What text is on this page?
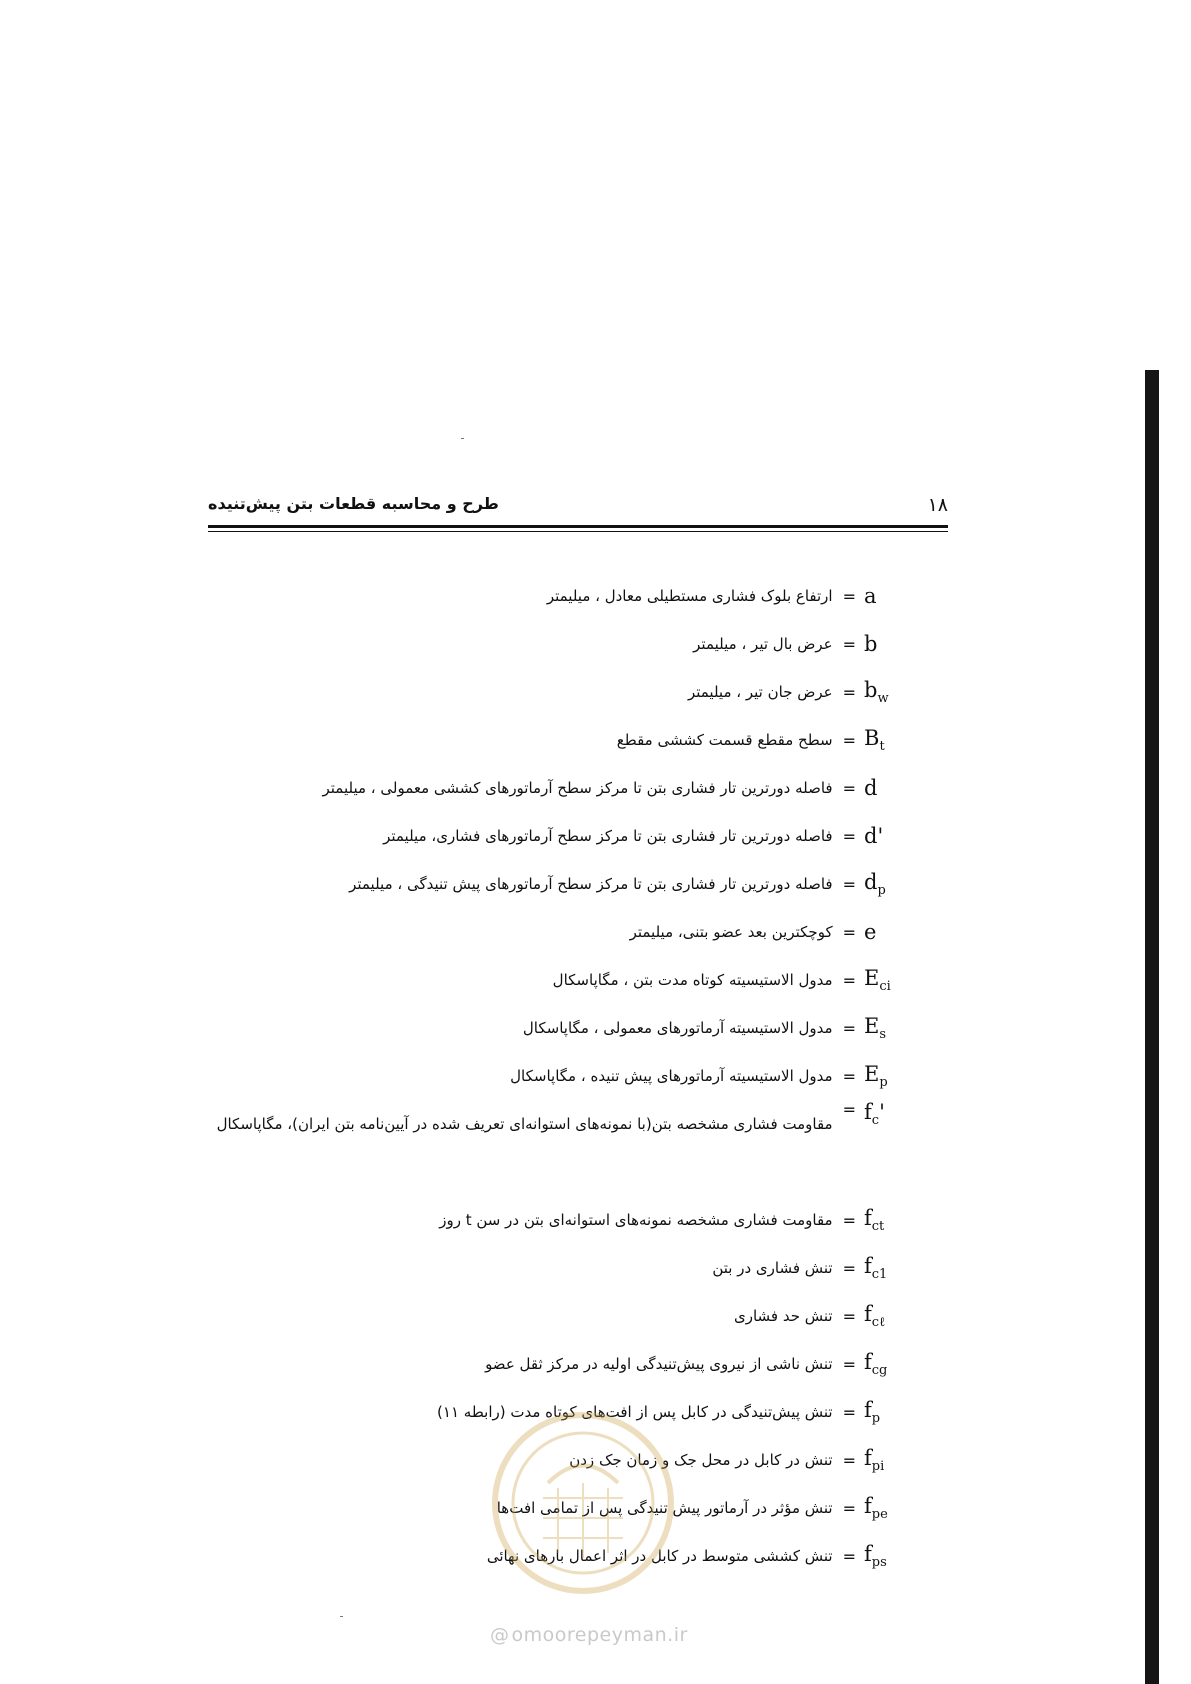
طرح و محاسبه قطعات بتن پیش‌تنیده	۱۸
ارتفاع بلوک فشاری مستطیلی معادل ، میلیمتر = a
عرض بال تیر ، میلیمتر = b
عرض جان تیر ، میلیمتر = $b_w$
سطح مقطع قسمت کششی مقطع = $B_t$
فاصله دورترین تار فشاری بتن تا مرکز سطح آرماتورهای کششی معمولی ، میلیمتر = d
فاصله دورترین تار فشاری بتن تا مرکز سطح آرماتورهای فشاری، میلیمتر = d'
فاصله دورترین تار فشاری بتن تا مرکز سطح آرماتورهای پیش تنیدگی ، میلیمتر = $d_p$
کوچکترین بعد عضو بتنی، میلیمتر = e
مدول الاستیسیته کوتاه مدت بتن ، مگاپاسکال = $E_{ci}$
مدول الاستیسیته آرماتورهای معمولی ، مگاپاسکال = $E_s$
مدول الاستیسیته آرماتورهای پیش تنیده ، مگاپاسکال = $E_p$
مقاومت فشاری مشخصه بتن(با نمونه‌های استوانه‌ای تعریف شده در آیین‌نامه بتن ایران)، مگاپاسکال
= $f_c'$
مقاومت فشاری مشخصه نمونه‌های استوانه‌ای بتن در سن t روز = $f_{ct}$
تنش فشاری در بتن = $f_{c1}$
تنش حد فشاری = $f_{c\ell}$
تنش ناشی از نیروی پیش‌تنیدگی اولیه در مرکز ثقل عضو = $f_{cg}$
تنش پیش‌تنیدگی در کابل پس از افت‌های کوتاه مدت (رابطه ۱۱) = $f_p$
تنش در کابل در محل جک و زمان جک زدن = $f_{pi}$
تنش مؤثر در آرماتور پیش تنیدگی پس از تمامی افت‌ها = $f_{pe}$
تنش کششی متوسط در کابل در اثر اعمال بارهای نهائی = $f_{ps}$
@ omoorepeyman.ir
